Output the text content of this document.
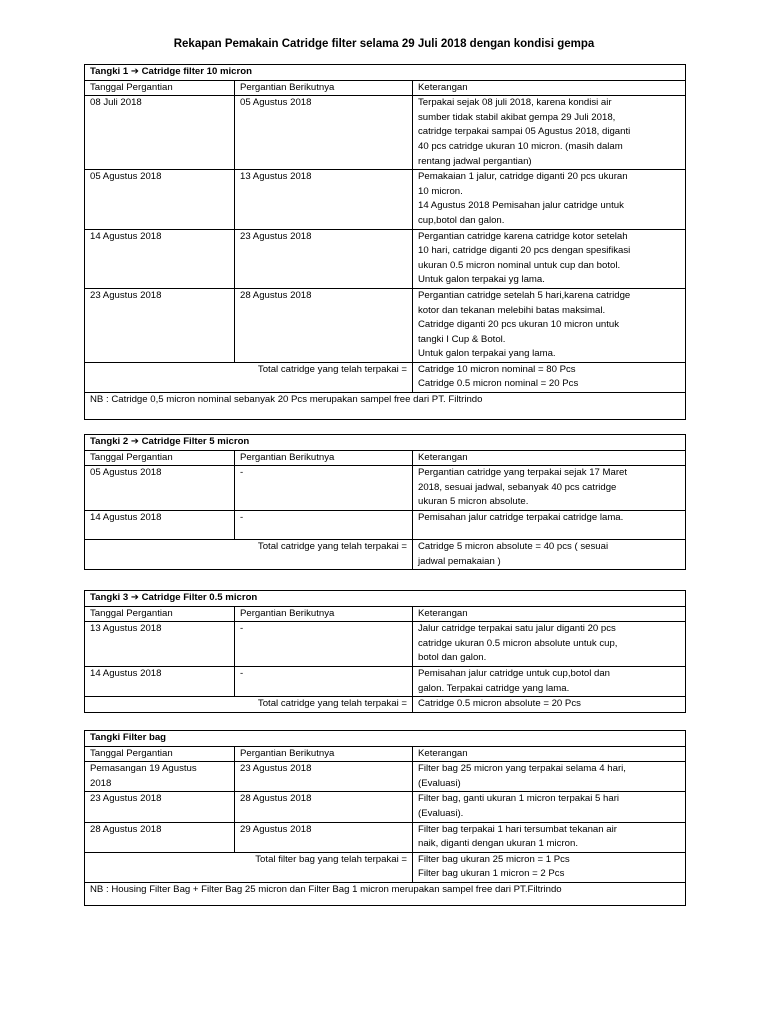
Rekapan Pemakain Catridge filter selama 29 Juli 2018 dengan kondisi gempa
Tangki 1 ➔ Catridge filter 10 micron		
Tanggal Pergantian	Pergantian Berikutnya	Keterangan
08 Juli 2018	05 Agustus 2018	Terpakai sejak 08 juli 2018, karena kondisi air
sumber tidak stabil akibat gempa 29 Juli 2018,
catridge terpakai sampai 05 Agustus 2018, diganti
40 pcs catridge ukuran 10 micron. (masih dalam
rentang jadwal pergantian)

05 Agustus 2018	13 Agustus 2018	Pemakaian 1 jalur, catridge diganti 20 pcs ukuran
10 micron.
14 Agustus 2018 Pemisahan jalur catridge untuk
cup,botol dan galon.

14 Agustus 2018	23 Agustus 2018	Pergantian catridge karena catridge kotor setelah
10 hari, catridge diganti 20 pcs dengan spesifikasi
ukuran 0.5 micron nominal untuk cup dan botol.
Untuk galon terpakai yg lama.

23 Agustus 2018	28 Agustus 2018	Pergantian catridge setelah 5 hari,karena catridge
kotor dan tekanan melebihi batas maksimal.
Catridge diganti 20 pcs ukuran 10 micron untuk
tangki I Cup & Botol.
Untuk galon terpakai yang lama.

Total catridge yang telah terpakai =		Catridge 10 micron nominal = 80 Pcs
Catridge 0.5 micron nominal = 20 Pcs

NB : Catridge 0,5 micron nominal sebanyak 20 Pcs merupakan sampel free dari PT. Filtrindo		
Tangki 2 ➔ Catridge Filter 5 micron		
Tanggal Pergantian	Pergantian Berikutnya	Keterangan
05 Agustus 2018	-	Pergantian catridge yang terpakai sejak 17 Maret
2018, sesuai jadwal, sebanyak 40 pcs catridge
ukuran 5 micron absolute.

14 Agustus 2018	-	Pemisahan jalur catridge terpakai catridge lama.

Total catridge yang telah terpakai =		Catridge 5 micron absolute = 40 pcs ( sesuai
jadwal pemakaian )
Tangki 3 ➔ Catridge Filter 0.5 micron		
Tanggal Pergantian	Pergantian Berikutnya	Keterangan
13 Agustus 2018	-	Jalur catridge terpakai satu jalur diganti 20 pcs
catridge ukuran 0.5 micron absolute untuk cup,
botol dan galon.

14 Agustus 2018	-	Pemisahan jalur catridge untuk cup,botol dan
galon. Terpakai catridge yang lama.

Total catridge yang telah terpakai =		Catridge 0.5 micron absolute = 20 Pcs
Tangki Filter bag		
Tanggal Pergantian	Pergantian Berikutnya	Keterangan

Pemasangan 19 Agustus
2018	23 Agustus 2018	Filter bag 25 micron yang terpakai selama 4 hari,
(Evaluasi)

23 Agustus 2018	28 Agustus 2018	Filter bag, ganti ukuran 1 micron terpakai 5 hari
(Evaluasi).

28 Agustus 2018	29 Agustus 2018	Filter bag terpakai 1 hari tersumbat tekanan air
naik, diganti dengan ukuran 1 micron.

Total filter bag yang telah terpakai =		Filter bag ukuran 25 micron = 1 Pcs
Filter bag ukuran 1 micron = 2 Pcs

NB : Housing Filter Bag + Filter Bag 25 micron dan Filter Bag 1 micron merupakan sampel free dari PT.Filtrindo		
